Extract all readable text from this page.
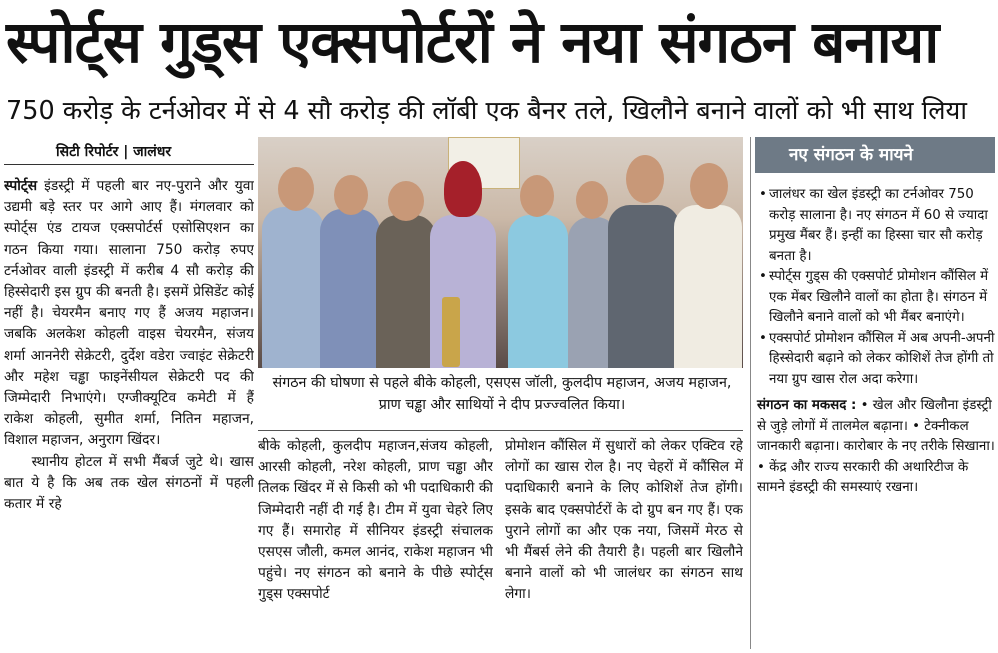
स्पोर्ट्स गुड्स एक्सपोर्टरों ने नया संगठन बनाया
750 करोड़ के टर्नओवर में से 4 सौ करोड़ की लॉबी एक बैनर तले, खिलौने बनाने वालों को भी साथ लिया
सिटी रिपोर्टर | जालंधर

स्पोर्ट्स इंडस्ट्री में पहली बार नए-पुराने और युवा उद्यमी बड़े स्तर पर आगे आए हैं। मंगलवार को स्पोर्ट्स एंड टायज एक्सपोर्टर्स एसोसिएशन का गठन किया गया। सालाना 750 करोड़ रुपए टर्नओवर वाली इंडस्ट्री में करीब 4 सौ करोड़ की हिस्सेदारी इस ग्रुप की बनती है। इसमें प्रेसिडेंट कोई नहीं है। चेयरमैन बनाए गए हैं अजय महाजन। जबकि अलकेश कोहली वाइस चेयरमैन, संजय शर्मा आननेरी सेक्रेटरी, दुर्देश वडेरा ज्वाइंट सेक्रेटरी और महेश चड्ढा फाइनेंसीयल सेक्रेटरी पद की जिम्मेदारी निभाएंगे। एग्जीक्यूटिव कमेटी में हैं राकेश कोहली, सुमीत शर्मा, नितिन महाजन, विशाल महाजन, अनुराग खिंदर।

स्थानीय होटल में सभी मैंबर्ज जुटे थे। खास बात ये है कि अब तक खेल संगठनों में पहली कतार में रहे

संगठन की घोषणा से पहले बीके कोहली, एसएस जॉली, कुलदीप महाजन, अजय महाजन, प्राण चड्ढा और साथियों ने दीप प्रज्ज्वलित किया।
बीके कोहली, कुलदीप महाजन,संजय कोहली, आरसी कोहली, नरेश कोहली, प्राण चड्ढा और तिलक खिंदर में से किसी को भी पदाधिकारी की जिम्मेदारी नहीं दी गई है। टीम में युवा चेहरे लिए गए हैं। समारोह में सीनियर इंडस्ट्री संचालक एसएस जौली, कमल आनंद, राकेश महाजन भी पहुंचे। नए संगठन को बनाने के पीछे स्पोर्ट्स गुड्स एक्सपोर्ट
प्रोमोशन कौंसिल में सुधारों को लेकर एक्टिव रहे लोगों का खास रोल है। नए चेहरों में कौंसिल में पदाधिकारी बनाने के लिए कोशिशें तेज होंगी। इसके बाद एक्सपोर्टरों के दो ग्रुप बन गए हैं। एक पुराने लोगों का और एक नया, जिसमें मेरठ से भी मैंबर्स लेने की तैयारी है। पहली बार खिलौने बनाने वालों को भी जालंधर का संगठन साथ लेगा।
नए संगठन के मायने
• जालंधर का खेल इंडस्ट्री का टर्नओवर 750 करोड़ सालाना है। नए संगठन में 60 से ज्यादा प्रमुख मैंबर हैं। इन्हीं का हिस्सा चार सौ करोड़ बनता है।
• स्पोर्ट्स गुड्स की एक्सपोर्ट प्रोमोशन कौंसिल में एक मेंबर खिलौने वालों का होता है। संगठन में खिलौने बनाने वालों को भी मैंबर बनाएंगे।
• एक्सपोर्ट प्रोमोशन कौंसिल में अब अपनी-अपनी हिस्सेदारी बढ़ाने को लेकर कोशिशें तेज होंगी तो नया ग्रुप खास रोल अदा करेगा।
संगठन का मकसद : • खेल और खिलौना इंडस्ट्री से जुड़े लोगों में तालमेल बढ़ाना। • टेक्नीकल जानकारी बढ़ाना। कारोबार के नए तरीके सिखाना। • केंद्र और राज्य सरकारी की अथारिटीज के सामने इंडस्ट्री की समस्याएं रखना।
